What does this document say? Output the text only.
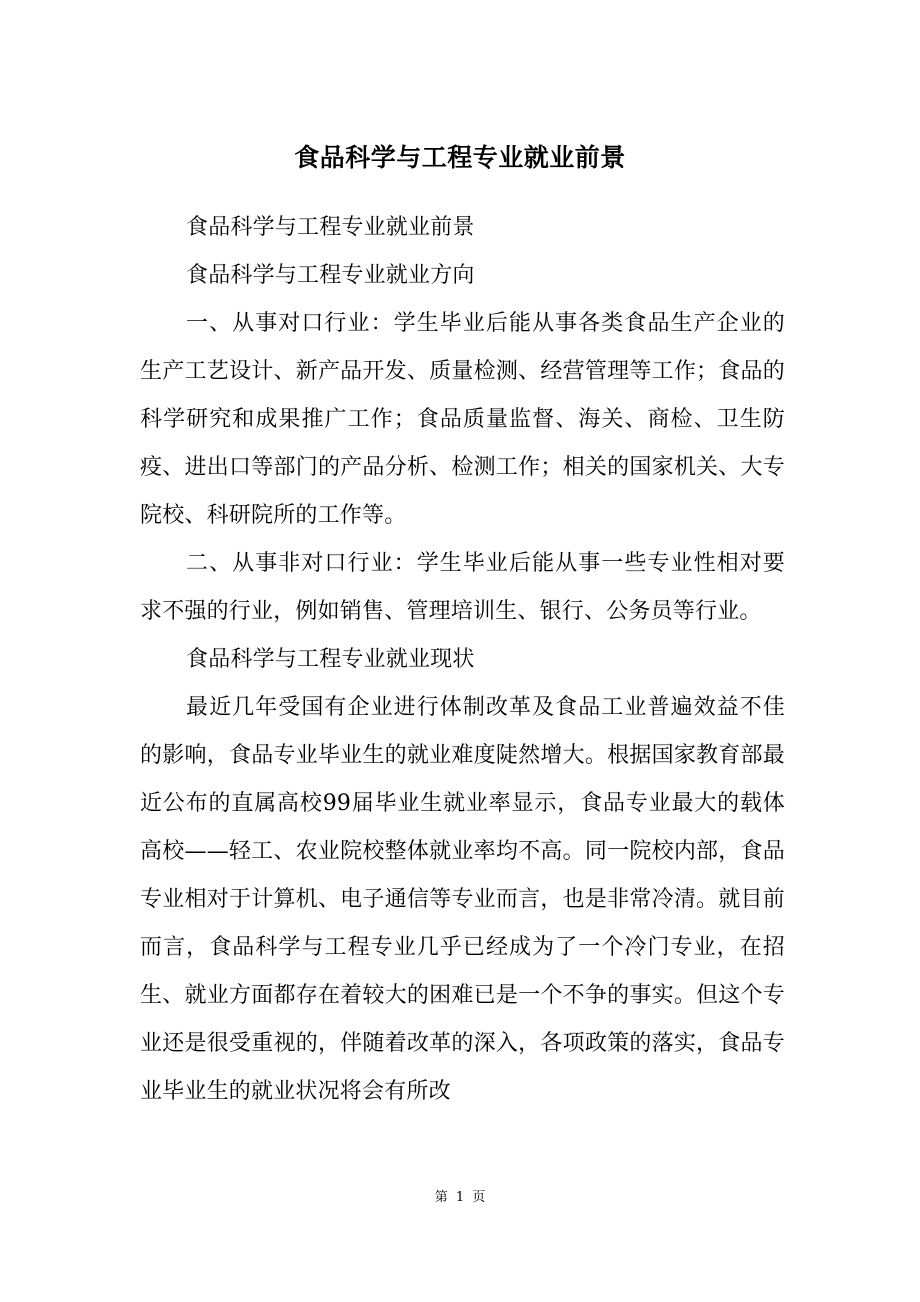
食品科学与工程专业就业前景

食品科学与工程专业就业前景

食品科学与工程专业就业方向

一、从事对口行业：学生毕业后能从事各类食品生产企业的生产工艺设计、新产品开发、质量检测、经营管理等工作；食品的科学研究和成果推广工作；食品质量监督、海关、商检、卫生防疫、进出口等部门的产品分析、检测工作；相关的国家机关、大专院校、科研院所的工作等。

二、从事非对口行业：学生毕业后能从事一些专业性相对要求不强的行业，例如销售、管理培训生、银行、公务员等行业。

食品科学与工程专业就业现状

最近几年受国有企业进行体制改革及食品工业普遍效益不佳的影响，食品专业毕业生的就业难度陡然增大。根据国家教育部最近公布的直属高校99届毕业生就业率显示，食品专业最大的载体高校——轻工、农业院校整体就业率均不高。同一院校内部，食品专业相对于计算机、电子通信等专业而言，也是非常冷清。就目前而言，食品科学与工程专业几乎已经成为了一个冷门专业，在招生、就业方面都存在着较大的困难已是一个不争的事实。但这个专业还是很受重视的，伴随着改革的深入，各项政策的落实，食品专业毕业生的就业状况将会有所改

第 1 页
